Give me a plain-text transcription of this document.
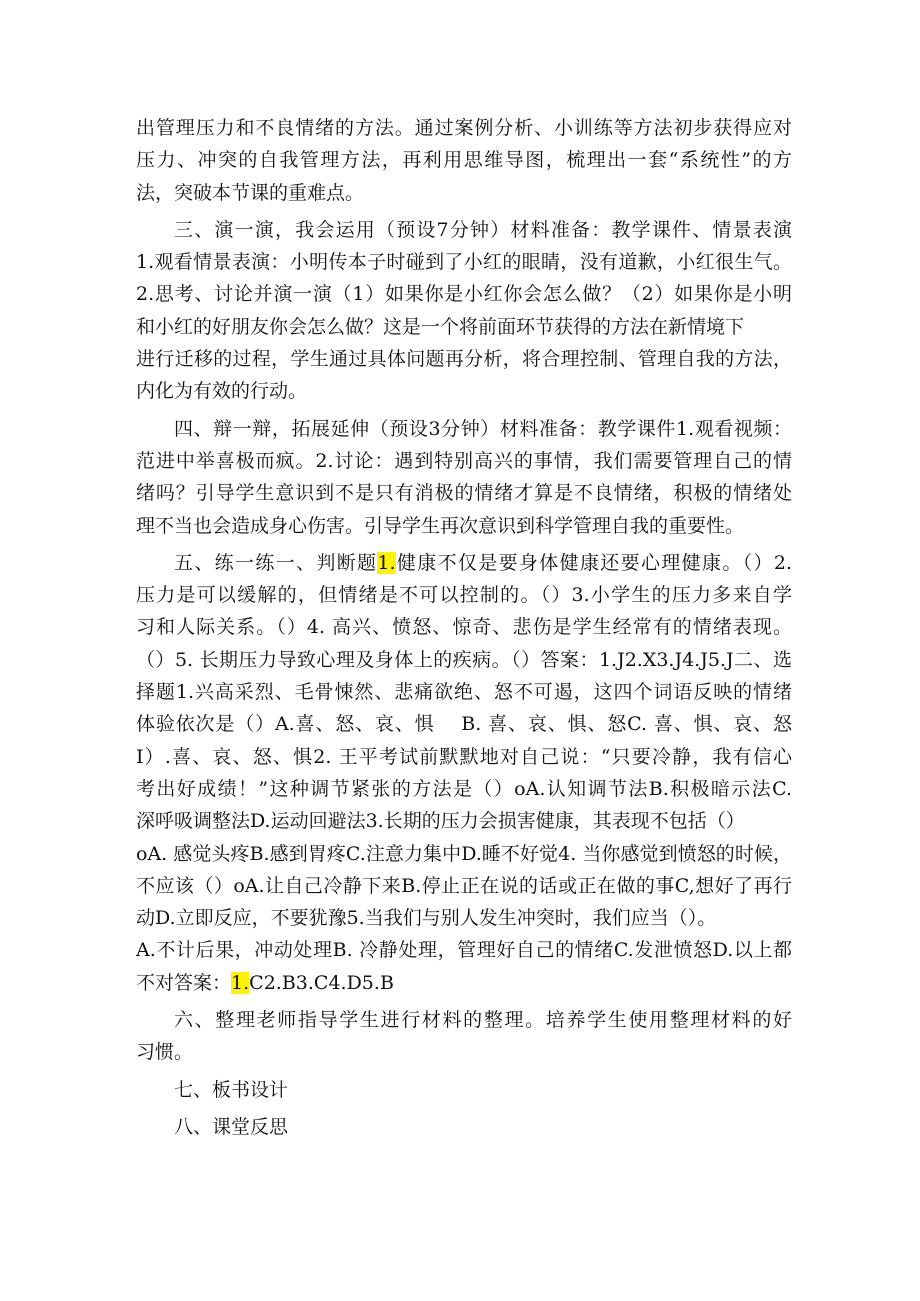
出管理压力和不良情绪的方法。通过案例分析、小训练等方法初步获得应对
压力、冲突的自我管理方法，再利用思维导图，梳理出一套“系统性”的方
法，突破本节课的重难点。
三、演一演，我会运用（预设7分钟）材料准备：教学课件、情景表演
1.观看情景表演：小明传本子时碰到了小红的眼睛，没有道歉，小红很生气。
2.思考、讨论并演一演（1）如果你是小红你会怎么做？（2）如果你是小明
和小红的好朋友你会怎么做？这是一个将前面环节获得的方法在新情境下
进行迁移的过程，学生通过具体问题再分析，将合理控制、管理自我的方法，
内化为有效的行动。
四、辩一辩，拓展延伸（预设3分钟）材料准备：教学课件1.观看视频：
范进中举喜极而疯。2.讨论：遇到特别高兴的事情，我们需要管理自己的情
绪吗？引导学生意识到不是只有消极的情绪才算是不良情绪，积极的情绪处
理不当也会造成身心伤害。引导学生再次意识到科学管理自我的重要性。
五、练一练一、判断题1.健康不仅是要身体健康还要心理健康。（）2.
压力是可以缓解的，但情绪是不可以控制的。（）3.小学生的压力多来自学
习和人际关系。（）4. 高兴、愤怒、惊奇、悲伤是学生经常有的情绪表现。
（）5. 长期压力导致心理及身体上的疾病。（）答案：1.J2.X3.J4.J5.J二、选
择题1.兴高采烈、毛骨悚然、悲痛欲绝、怒不可遏，这四个词语反映的情绪
体验依次是（）A.喜、怒、哀、惧　 B. 喜、哀、惧、怒C. 喜、惧、哀、怒
I）.喜、哀、怒、惧2. 王平考试前默默地对自己说：“只要冷静，我有信心
考出好成绩！”这种调节紧张的方法是（）oA.认知调节法B.积极暗示法C.
深呼吸调整法D.运动回避法3.长期的压力会损害健康，其表现不包括（）
oA. 感觉头疼B.感到胃疼C.注意力集中D.睡不好觉4. 当你感觉到愤怒的时候，
不应该（）oA.让自己冷静下来B.停止正在说的话或正在做的事C,想好了再行
动D.立即反应，不要犹豫5.当我们与别人发生冲突时，我们应当（）。
A.不计后果，冲动处理B. 冷静处理，管理好自己的情绪C.发泄愤怒D.以上都
不对答案：1.C2.B3.C4.D5.B
六、整理老师指导学生进行材料的整理。培养学生使用整理材料的好
习惯。
七、板书设计
八、课堂反思
